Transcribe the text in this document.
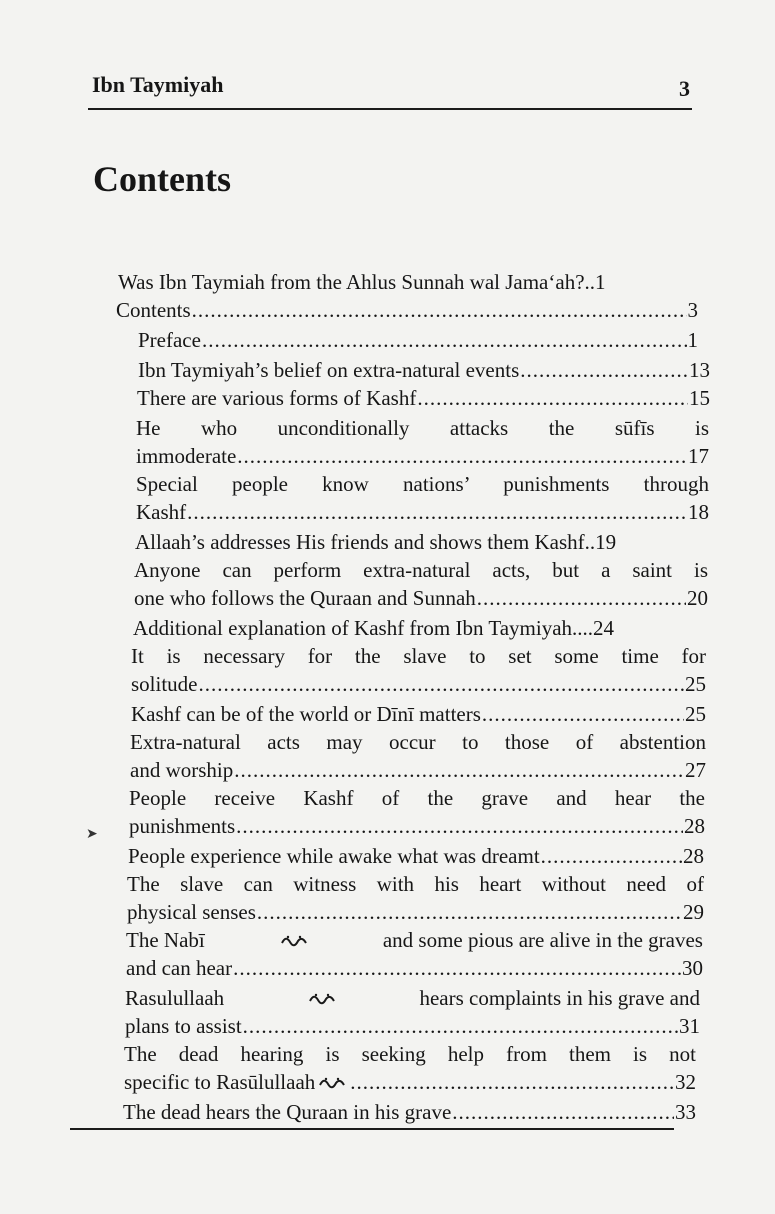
Ibn Taymiyah	3
Contents
Was Ibn Taymiah from the Ahlus Sunnah wal Jama‘ah?.. 1
Contents .....	3
Preface .....	1
Ibn Taymiyah’s belief on extra-natural events .....	13
There are various forms of Kashf .....	15
He who unconditionally attacks the sūfīs is
immoderate .....	17
Special people know nations’ punishments through
Kashf .....	18
Allaah’s addresses His friends and shows them Kashf.. 19
Anyone can perform extra-natural acts, but a saint is
one who follows the Quraan and Sunnah .....	20
Additional explanation of Kashf from Ibn Taymiyah.... 24
It is necessary for the slave to set some time for
solitude .....	25
Kashf can be of the world or Dīnī matters .....	25
Extra-natural acts may occur to those of abstention
and worship .....	27
People receive Kashf of the grave and hear the
punishments .....	28
People experience while awake what was dreamt .....	28
The slave can witness with his heart without need of
physical senses .....	29
The Nabī	and some pious are alive in the graves
and can hear .....	30
Rasulullaah	hears complaints in his grave and
plans to assist .....	31
The dead hearing is seeking help from them is not
specific to Rasūlullaah .....	32
The dead hears the Quraan in his grave .....	33
➤
